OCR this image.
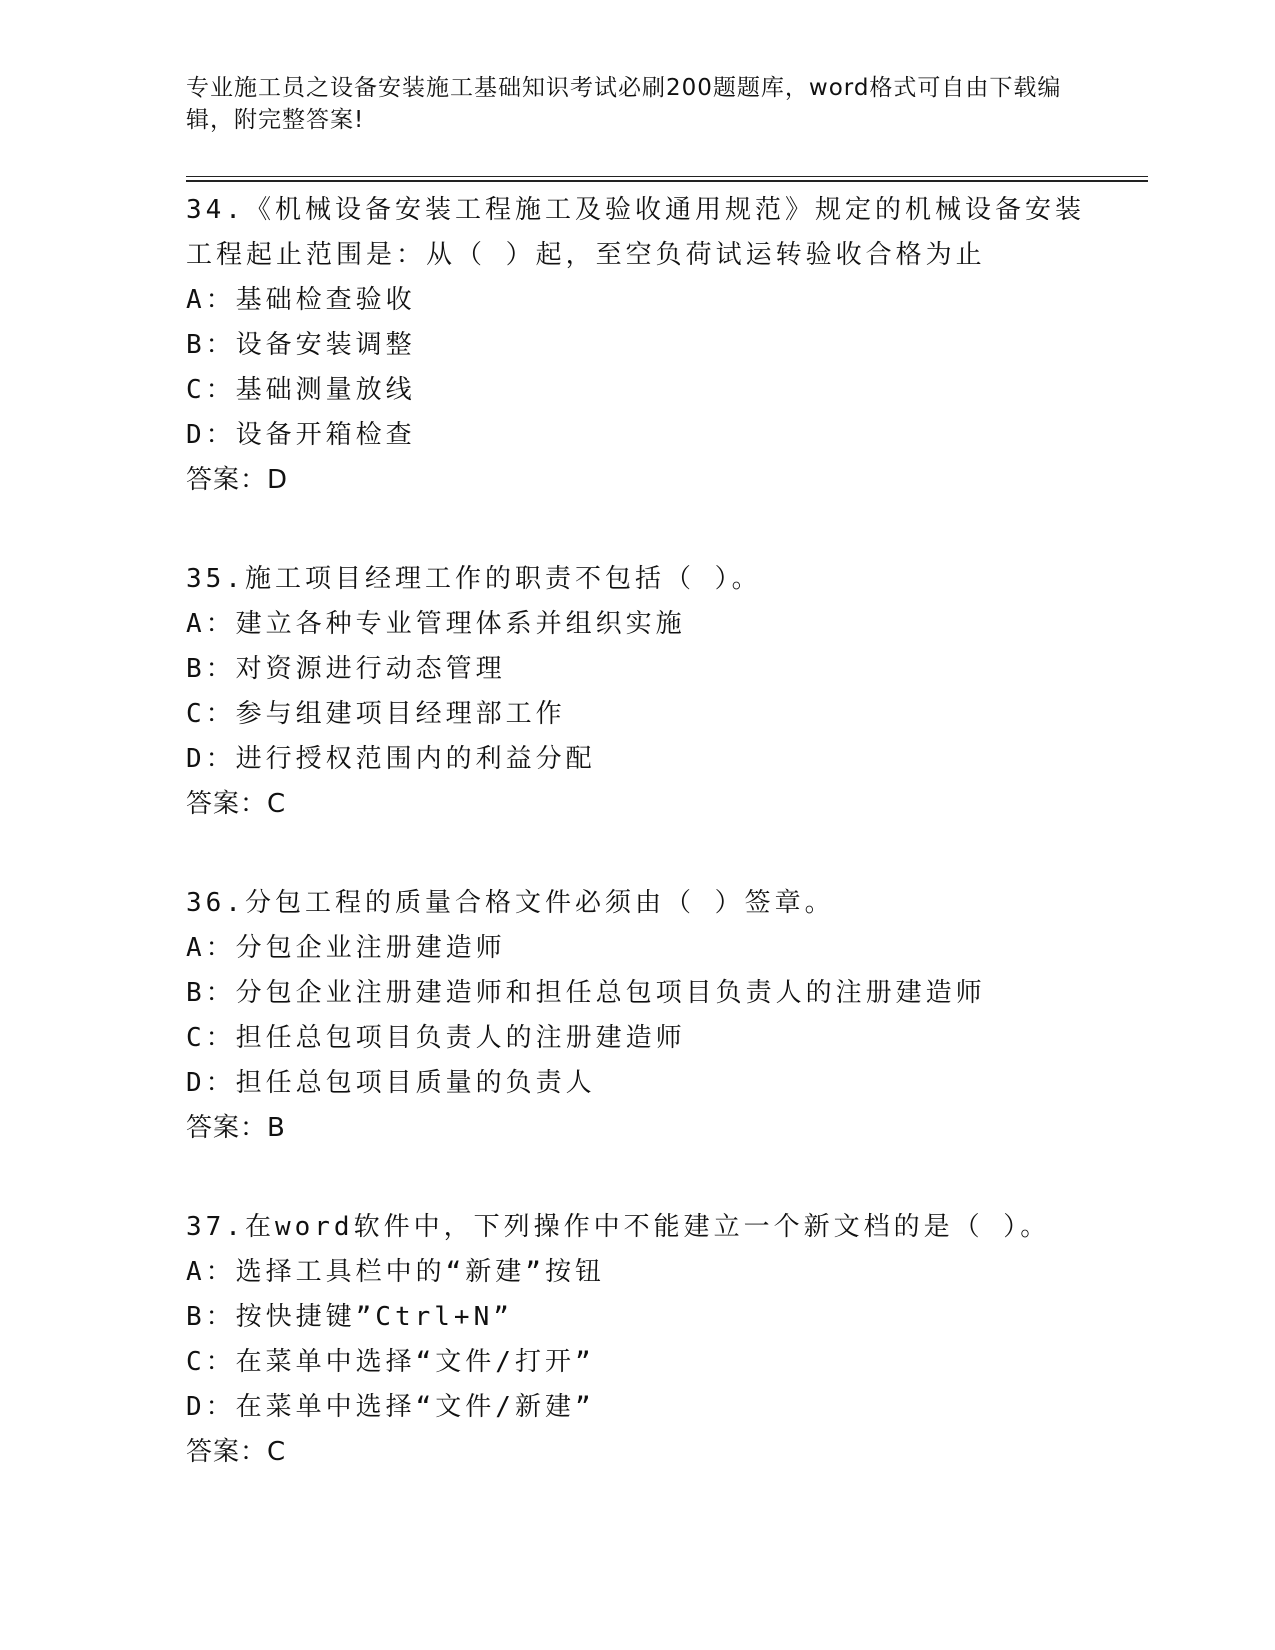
专业施工员之设备安装施工基础知识考试必刷200题题库，word格式可自由下载编辑，附完整答案!
34.《机械设备安装工程施工及验收通用规范》规定的机械设备安装工程起止范围是：从（ ）起，至空负荷试运转验收合格为止
A：基础检查验收
B：设备安装调整
C：基础测量放线
D：设备开箱检查
答案：D
35.施工项目经理工作的职责不包括（ ）。
A：建立各种专业管理体系并组织实施
B：对资源进行动态管理
C：参与组建项目经理部工作
D：进行授权范围内的利益分配
答案：C
36.分包工程的质量合格文件必须由（ ）签章。
A：分包企业注册建造师
B：分包企业注册建造师和担任总包项目负责人的注册建造师
C：担任总包项目负责人的注册建造师
D：担任总包项目质量的负责人
答案：B
37.在word软件中，下列操作中不能建立一个新文档的是（ ）。
A：选择工具栏中的“新建”按钮
B：按快捷键”Ctrl+N”
C：在菜单中选择“文件/打开”
D：在菜单中选择“文件/新建”
答案：C
